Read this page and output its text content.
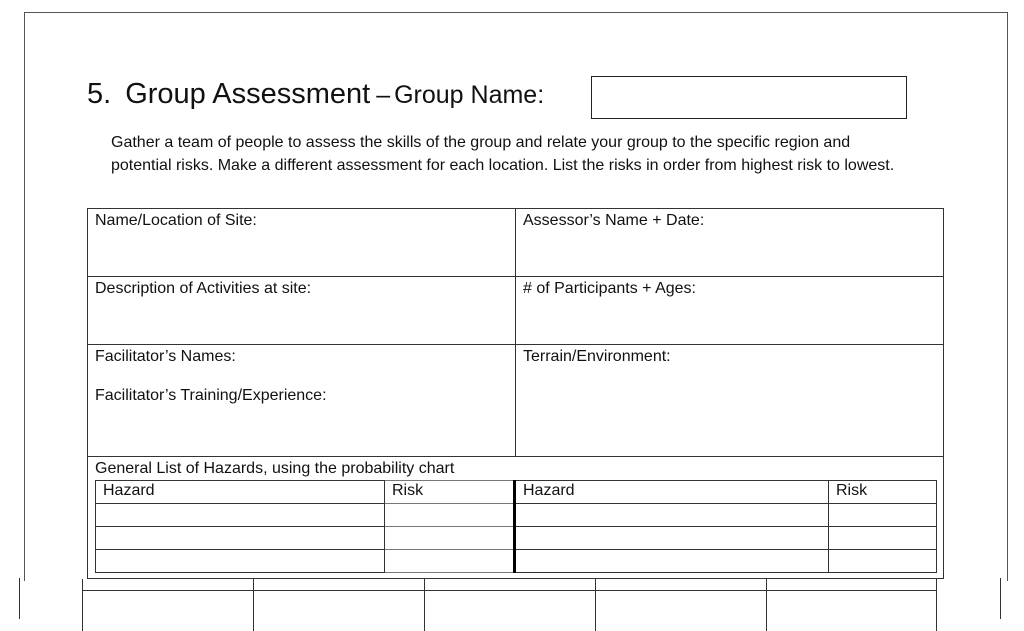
5. Group Assessment – Group Name:
Gather a team of people to assess the skills of the group and relate your group to the specific region and potential risks. Make a different assessment for each location. List the risks in order from highest risk to lowest.
Name/Location of Site:	Assessor’s Name + Date:
Description of Activities at site:	# of Participants + Ages:

Facilitator’s Names:
Facilitator’s Training/Experience:
	Terrain/Environment:

General List of Hazards, using the probability chart
Hazard	Risk	Hazard	Risk
